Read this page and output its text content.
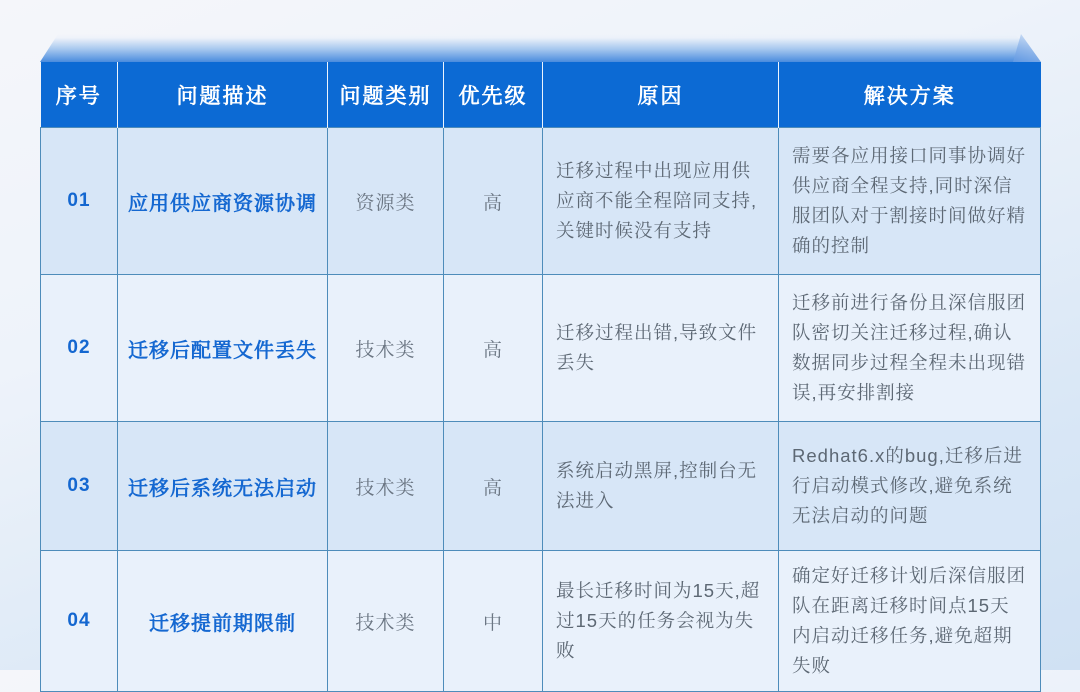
序号	问题描述	问题类别	优先级	原因	解决方案
01	应用供应商资源协调	资源类	高	迁移过程中出现应用供应商不能全程陪同支持,关键时候没有支持	需要各应用接口同事协调好供应商全程支持,同时深信服团队对于割接时间做好精确的控制
02	迁移后配置文件丢失	技术类	高	迁移过程出错,导致文件丢失	迁移前进行备份且深信服团队密切关注迁移过程,确认数据同步过程全程未出现错误,再安排割接
03	迁移后系统无法启动	技术类	高	系统启动黑屏,控制台无法进入	Redhat6.x的bug,迁移后进行启动模式修改,避免系统无法启动的问题
04	迁移提前期限制	技术类	中	最长迁移时间为15天,超过15天的任务会视为失败	确定好迁移计划后深信服团队在距离迁移时间点15天内启动迁移任务,避免超期失败
